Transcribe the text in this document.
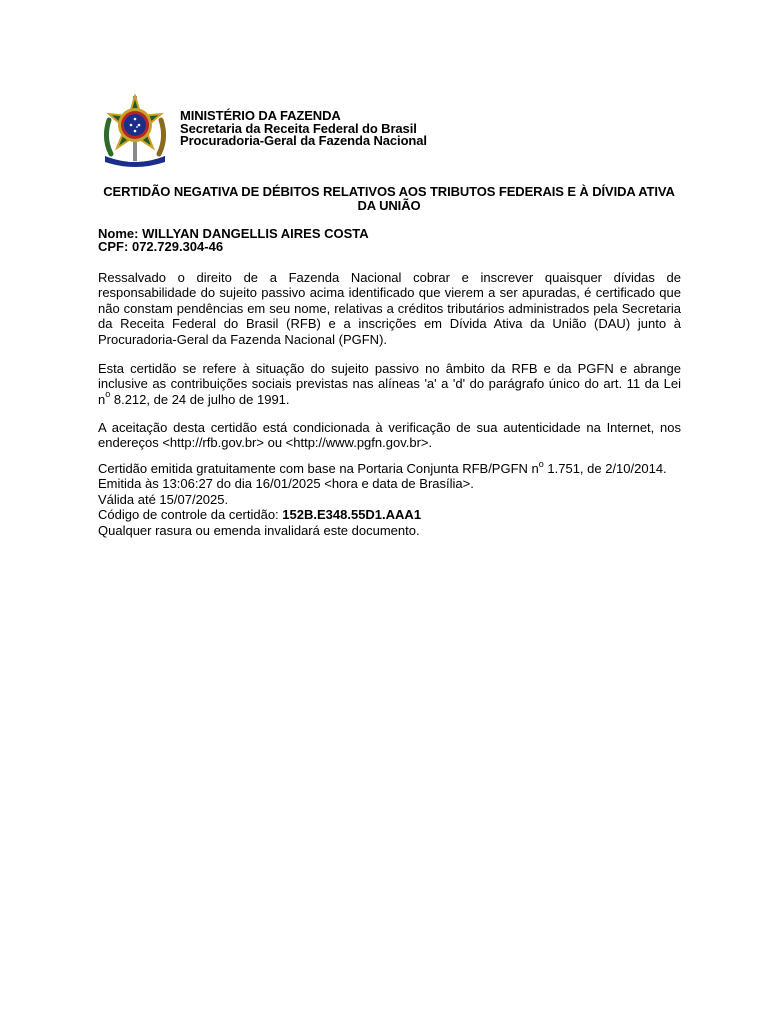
MINISTÉRIO DA FAZENDA
Secretaria da Receita Federal do Brasil
Procuradoria-Geral da Fazenda Nacional
CERTIDÃO NEGATIVA DE DÉBITOS RELATIVOS AOS TRIBUTOS FEDERAIS E À DÍVIDA ATIVA DA UNIÃO
Nome: WILLYAN DANGELLIS AIRES COSTA
CPF: 072.729.304-46

Ressalvado o direito de a Fazenda Nacional cobrar e inscrever quaisquer dívidas de responsabilidade do sujeito passivo acima identificado que vierem a ser apuradas, é certificado que não constam pendências em seu nome, relativas a créditos tributários administrados pela Secretaria da Receita Federal do Brasil (RFB) e a inscrições em Dívida Ativa da União (DAU) junto à Procuradoria-Geral da Fazenda Nacional (PGFN).

Esta certidão se refere à situação do sujeito passivo no âmbito da RFB e da PGFN e abrange inclusive as contribuições sociais previstas nas alíneas 'a' a 'd' do parágrafo único do art. 11 da Lei $n^o$ 8.212, de 24 de julho de 1991.

A aceitação desta certidão está condicionada à verificação de sua autenticidade na Internet, nos endereços <http://rfb.gov.br> ou <http://www.pgfn.gov.br>.

Certidão emitida gratuitamente com base na Portaria Conjunta RFB/PGFN $n^o$ 1.751, de 2/10/2014.
Emitida às 13:06:27 do dia 16/01/2025 <hora e data de Brasília>.
Válida até 15/07/2025.
Código de controle da certidão: 152B.E348.55D1.AAA1
Qualquer rasura ou emenda invalidará este documento.
